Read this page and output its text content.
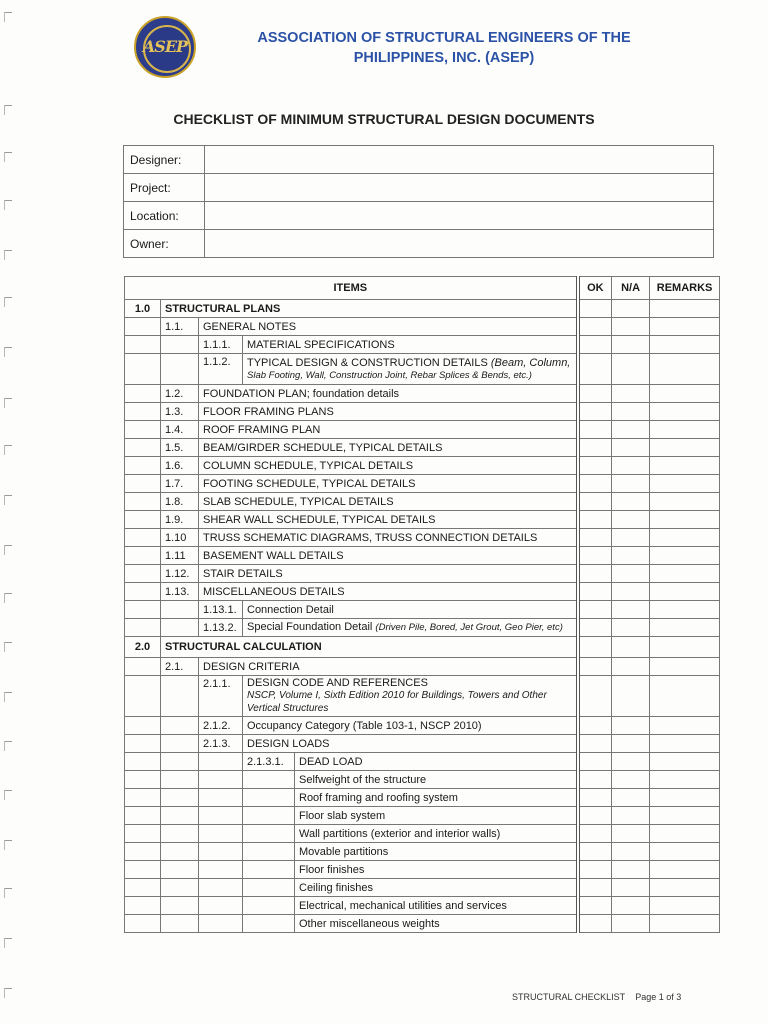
ASEP	ASSOCIATION OF STRUCTURAL ENGINEERS OF THE
PHILIPPINES, INC. (ASEP)
CHECKLIST OF MINIMUM STRUCTURAL DESIGN DOCUMENTS
Designer:	
Project:	
Location:	
Owner:	
ITEMS					OK	N/A	REMARKS
1.0	STRUCTURAL PLANS						
	1.1.	GENERAL NOTES					
		1.1.1.	MATERIAL SPECIFICATIONS				
		1.1.2.	TYPICAL DESIGN & CONSTRUCTION DETAILS (Beam, Column,
Slab Footing, Wall, Construction Joint, Rebar Splices & Bends, etc.)				
	1.2.	FOUNDATION PLAN; foundation details					
	1.3.	FLOOR FRAMING PLANS					
	1.4.	ROOF FRAMING PLAN					
	1.5.	BEAM/GIRDER SCHEDULE, TYPICAL DETAILS					
	1.6.	COLUMN SCHEDULE, TYPICAL DETAILS					
	1.7.	FOOTING SCHEDULE, TYPICAL DETAILS					
	1.8.	SLAB SCHEDULE, TYPICAL DETAILS					
	1.9.	SHEAR WALL SCHEDULE, TYPICAL DETAILS					
	1.10	TRUSS SCHEMATIC DIAGRAMS, TRUSS CONNECTION DETAILS					
	1.11	BASEMENT WALL DETAILS					
	1.12.	STAIR DETAILS					
	1.13.	MISCELLANEOUS DETAILS					
		1.13.1.	Connection Detail				
		1.13.2.	Special Foundation Detail (Driven Pile, Bored, Jet Grout, Geo Pier, etc)				
2.0	STRUCTURAL CALCULATION						
	2.1.	DESIGN CRITERIA					
		2.1.1.	DESIGN CODE AND REFERENCES
NSCP, Volume I, Sixth Edition 2010 for Buildings, Towers and Other
Vertical Structures				
		2.1.2.	Occupancy Category (Table 103-1, NSCP 2010)				
		2.1.3.	DESIGN LOADS				
			2.1.3.1.	DEAD LOAD			
				Selfweight of the structure			
				Roof framing and roofing system			
				Floor slab system			
				Wall partitions (exterior and interior walls)			
				Movable partitions			
				Floor finishes			
				Ceiling finishes			
				Electrical, mechanical utilities and services			
				Other miscellaneous weights			
STRUCTURAL CHECKLIST Page 1 of 3
